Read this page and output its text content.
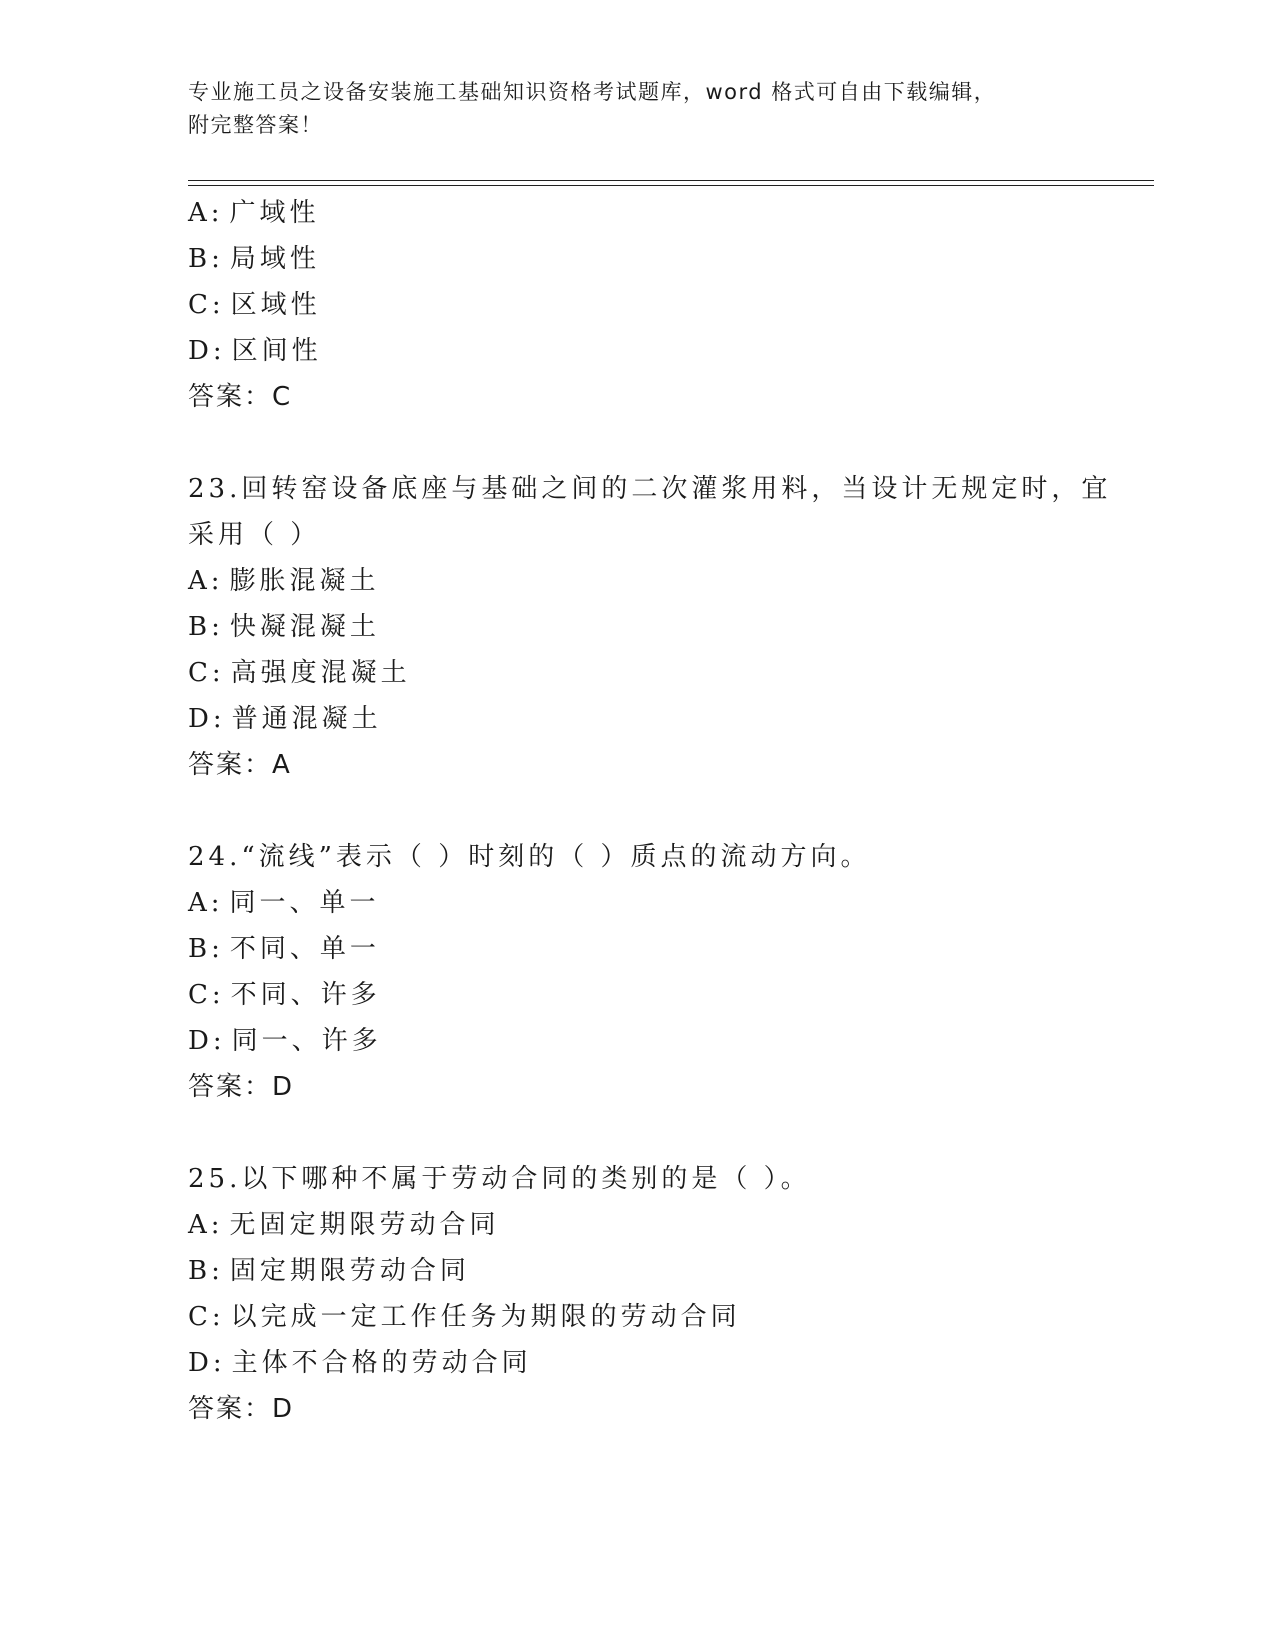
专业施工员之设备安装施工基础知识资格考试题库，word 格式可自由下载编辑，
附完整答案！
A: 广域性
B: 局域性
C: 区域性
D: 区间性
答案：C
23.回转窑设备底座与基础之间的二次灌浆用料，当设计无规定时，宜
采用（ ）
A: 膨胀混凝土
B: 快凝混凝土
C: 高强度混凝土
D: 普通混凝土
答案：A
24.“流线”表示（ ）时刻的（ ）质点的流动方向。
A: 同一、单一
B: 不同、单一
C: 不同、许多
D: 同一、许多
答案：D
25.以下哪种不属于劳动合同的类别的是（ ）。
A: 无固定期限劳动合同
B: 固定期限劳动合同
C: 以完成一定工作任务为期限的劳动合同
D: 主体不合格的劳动合同
答案：D
